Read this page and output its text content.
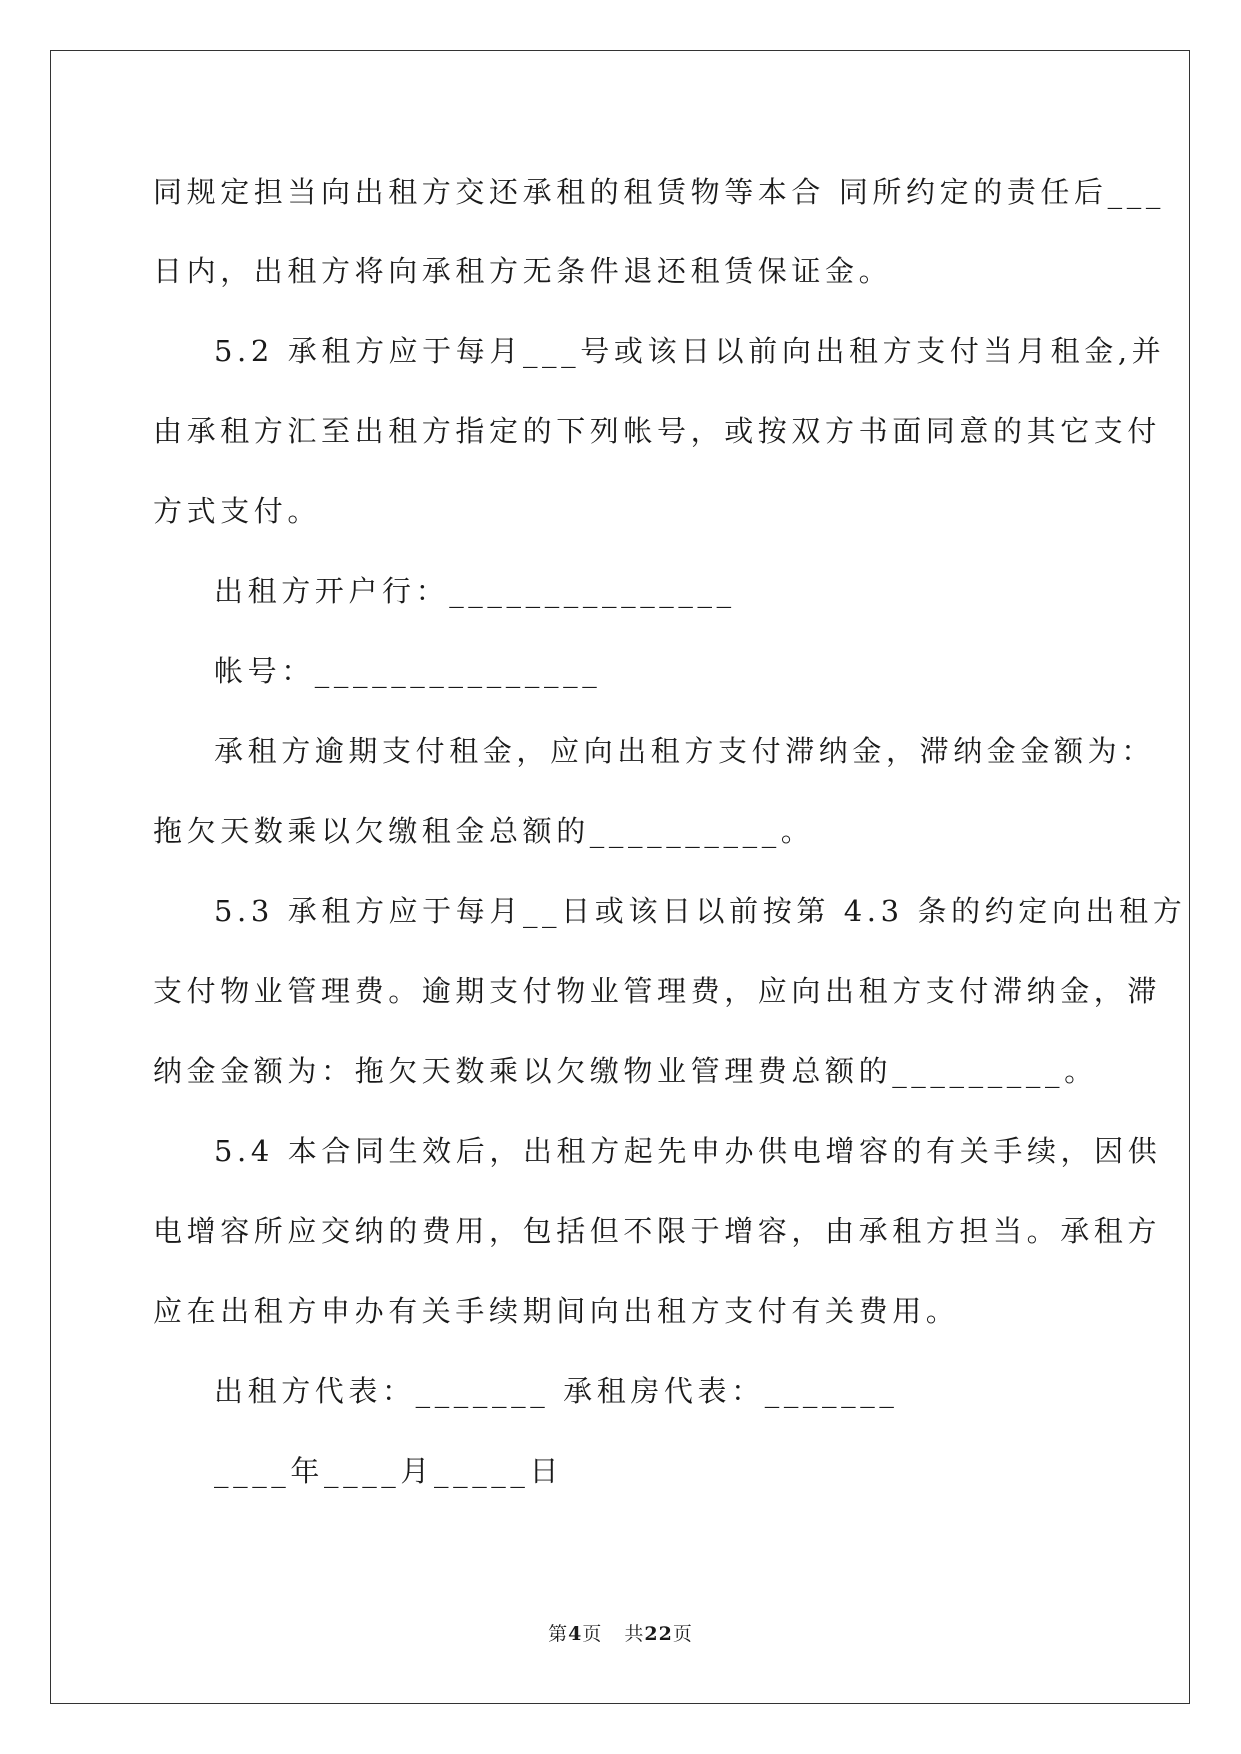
同规定担当向出租方交还承租的租赁物等本合 同所约定的责任后___
日内，出租方将向承租方无条件退还租赁保证金。
5.2 承租方应于每月___号或该日以前向出租方支付当月租金,并
由承租方汇至出租方指定的下列帐号，或按双方书面同意的其它支付
方式支付。
出租方开户行：_______________
帐号：_______________
承租方逾期支付租金，应向出租方支付滞纳金，滞纳金金额为：
拖欠天数乘以欠缴租金总额的__________。
5.3 承租方应于每月__日或该日以前按第 4.3 条的约定向出租方
支付物业管理费。逾期支付物业管理费，应向出租方支付滞纳金，滞
纳金金额为：拖欠天数乘以欠缴物业管理费总额的_________。
5.4 本合同生效后，出租方起先申办供电增容的有关手续，因供
电增容所应交纳的费用，包括但不限于增容，由承租方担当。承租方
应在出租方申办有关手续期间向出租方支付有关费用。
出租方代表：_______ 承租房代表：_______
____年____月_____日
第4页 共22页
